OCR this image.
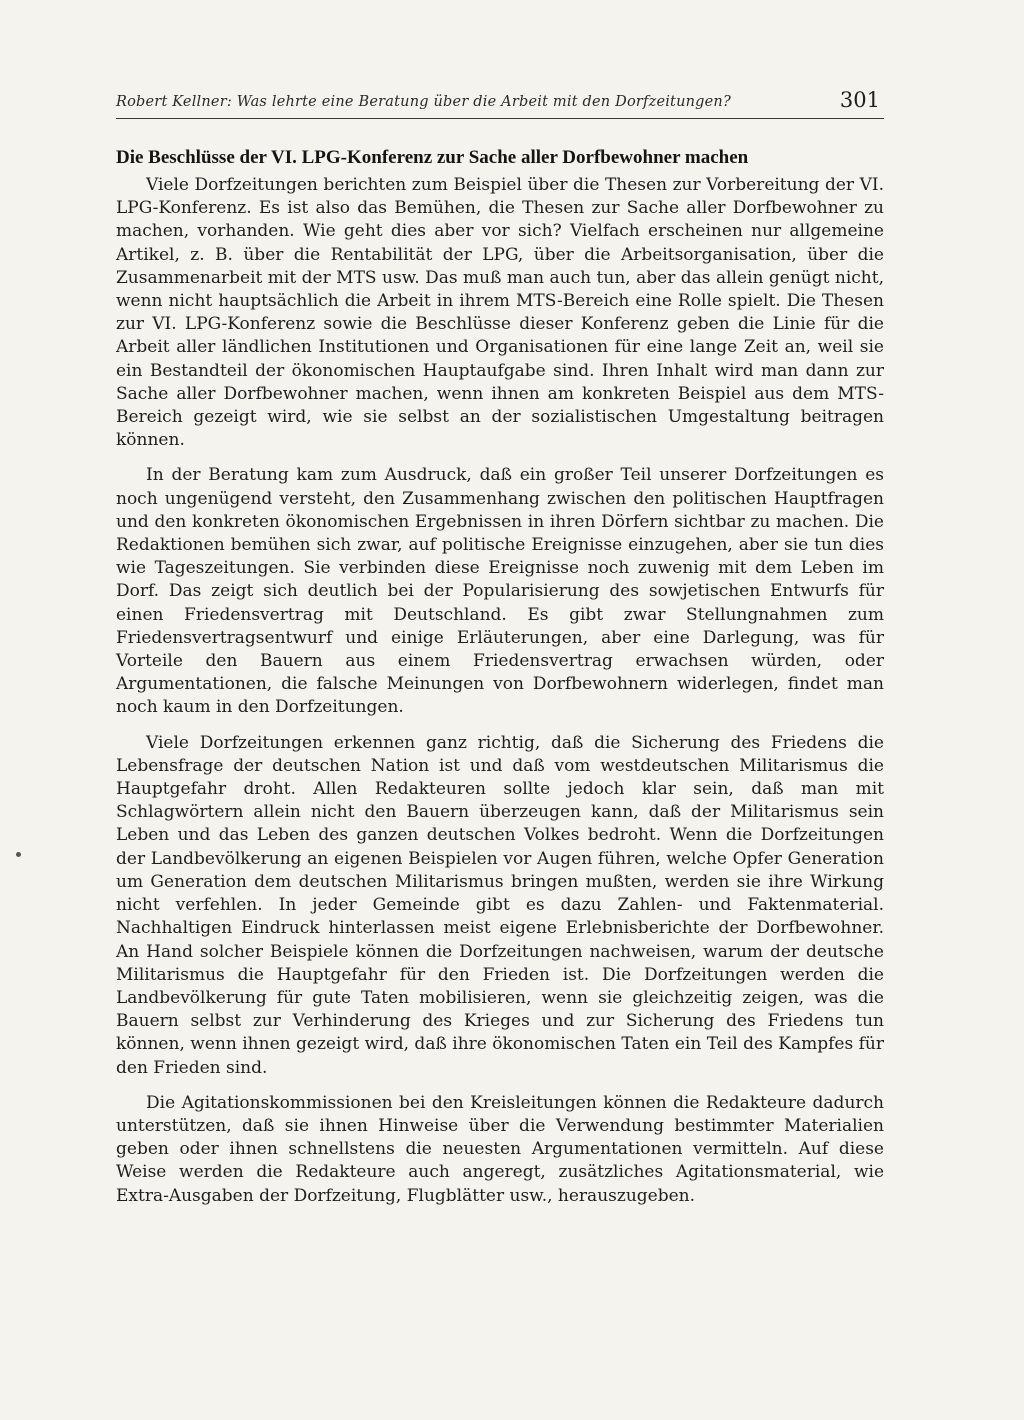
Robert Kellner: Was lehrte eine Beratung über die Arbeit mit den Dorfzeitungen?	301
Die Beschlüsse der VI. LPG-Konferenz zur Sache aller Dorfbewohner machen

Viele Dorfzeitungen berichten zum Beispiel über die Thesen zur Vorbereitung der VI. LPG-Konferenz. Es ist also das Bemühen, die Thesen zur Sache aller Dorfbewohner zu machen, vorhanden. Wie geht dies aber vor sich? Vielfach erscheinen nur allgemeine Artikel, z. B. über die Rentabilität der LPG, über die Arbeitsorganisation, über die Zusammenarbeit mit der MTS usw. Das muß man auch tun, aber das allein genügt nicht, wenn nicht hauptsächlich die Arbeit in ihrem MTS-Bereich eine Rolle spielt. Die Thesen zur VI. LPG-Konferenz sowie die Beschlüsse dieser Konferenz geben die Linie für die Arbeit aller ländlichen Institutionen und Organisationen für eine lange Zeit an, weil sie ein Bestandteil der ökonomischen Hauptaufgabe sind. Ihren Inhalt wird man dann zur Sache aller Dorfbewohner machen, wenn ihnen am konkreten Beispiel aus dem MTS-Bereich gezeigt wird, wie sie selbst an der sozialistischen Umgestaltung beitragen können.

In der Beratung kam zum Ausdruck, daß ein großer Teil unserer Dorfzeitungen es noch ungenügend versteht, den Zusammenhang zwischen den politischen Hauptfragen und den konkreten ökonomischen Ergebnissen in ihren Dörfern sichtbar zu machen. Die Redaktionen bemühen sich zwar, auf politische Ereignisse einzugehen, aber sie tun dies wie Tageszeitungen. Sie verbinden diese Ereignisse noch zuwenig mit dem Leben im Dorf. Das zeigt sich deutlich bei der Popularisierung des sowjetischen Entwurfs für einen Friedensvertrag mit Deutschland. Es gibt zwar Stellungnahmen zum Friedensvertragsentwurf und einige Erläuterungen, aber eine Darlegung, was für Vorteile den Bauern aus einem Friedensvertrag erwachsen würden, oder Argumentationen, die falsche Meinungen von Dorfbewohnern widerlegen, findet man noch kaum in den Dorfzeitungen.

Viele Dorfzeitungen erkennen ganz richtig, daß die Sicherung des Friedens die Lebensfrage der deutschen Nation ist und daß vom westdeutschen Militarismus die Hauptgefahr droht. Allen Redakteuren sollte jedoch klar sein, daß man mit Schlagwörtern allein nicht den Bauern überzeugen kann, daß der Militarismus sein Leben und das Leben des ganzen deutschen Volkes bedroht. Wenn die Dorfzeitungen der Landbevölkerung an eigenen Beispielen vor Augen führen, welche Opfer Generation um Generation dem deutschen Militarismus bringen mußten, werden sie ihre Wirkung nicht verfehlen. In jeder Gemeinde gibt es dazu Zahlen- und Faktenmaterial. Nachhaltigen Eindruck hinterlassen meist eigene Erlebnisberichte der Dorfbewohner. An Hand solcher Beispiele können die Dorfzeitungen nachweisen, warum der deutsche Militarismus die Hauptgefahr für den Frieden ist. Die Dorfzeitungen werden die Landbevölkerung für gute Taten mobilisieren, wenn sie gleichzeitig zeigen, was die Bauern selbst zur Verhinderung des Krieges und zur Sicherung des Friedens tun können, wenn ihnen gezeigt wird, daß ihre ökonomischen Taten ein Teil des Kampfes für den Frieden sind.

Die Agitationskommissionen bei den Kreisleitungen können die Redakteure dadurch unterstützen, daß sie ihnen Hinweise über die Verwendung bestimmter Materialien geben oder ihnen schnellstens die neuesten Argumentationen vermitteln. Auf diese Weise werden die Redakteure auch angeregt, zusätzliches Agitationsmaterial, wie Extra-Ausgaben der Dorfzeitung, Flugblätter usw., herauszugeben.
